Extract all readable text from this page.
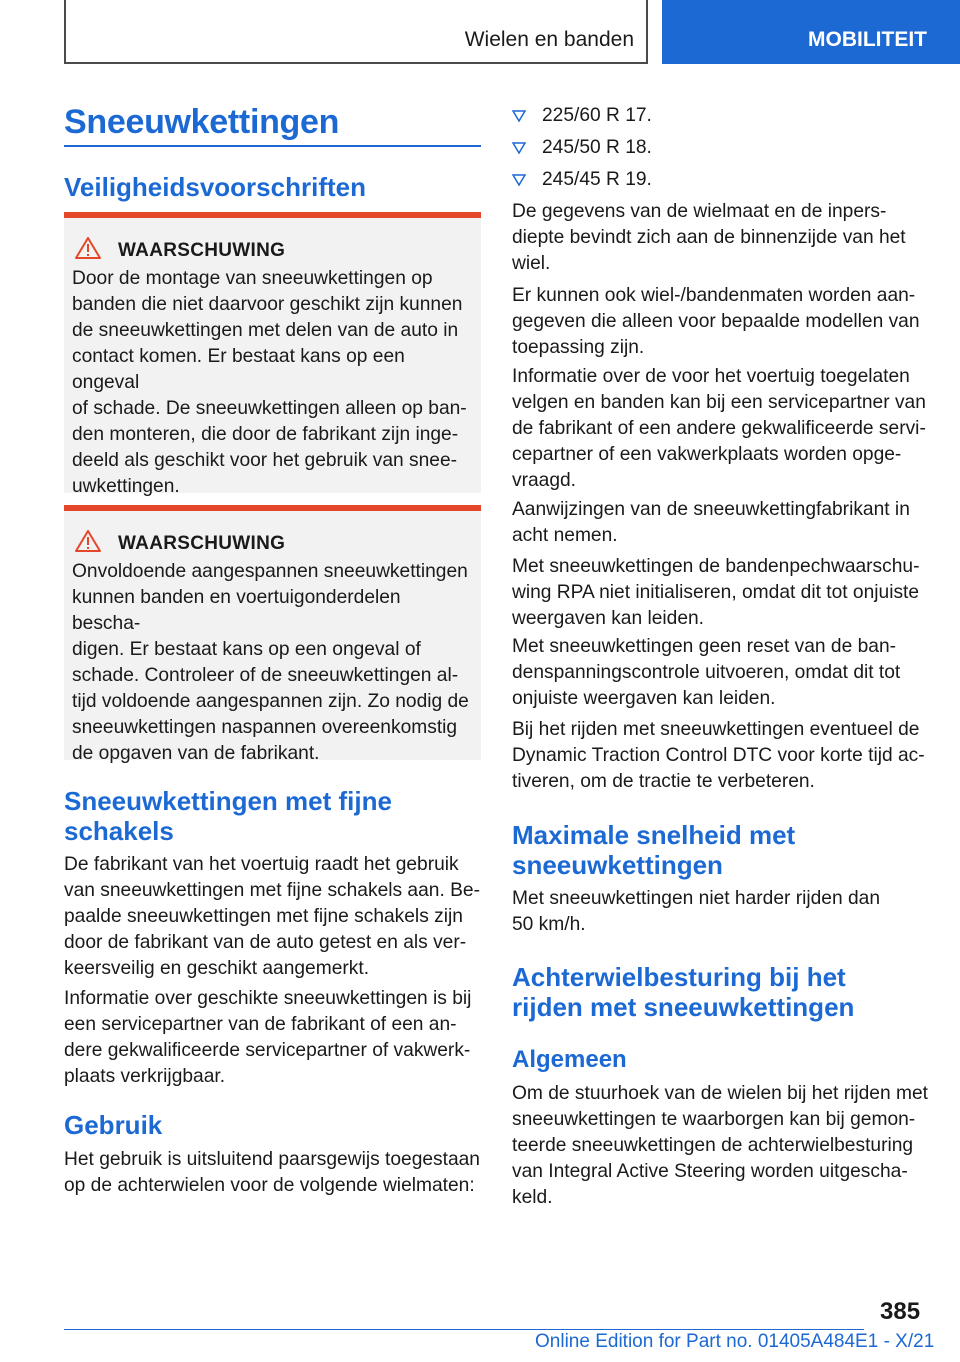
Wielen en banden	MOBILITEIT
Sneeuwkettingen
Veiligheidsvoorschriften
WAARSCHUWING

Door de montage van sneeuwkettingen op

banden die niet daarvoor geschikt zijn kunnen

de sneeuwkettingen met delen van de auto in

contact komen. Er bestaat kans op een ongeval

of schade. De sneeuwkettingen alleen op ban-

den monteren, die door de fabrikant zijn inge-

deeld als geschikt voor het gebruik van snee-

uwkettingen.

WAARSCHUWING

Onvoldoende aangespannen sneeuwkettingen

kunnen banden en voertuigonderdelen bescha-

digen. Er bestaat kans op een ongeval of

schade. Controleer of de sneeuwkettingen al-

tijd voldoende aangespannen zijn. Zo nodig de

sneeuwkettingen naspannen overeenkomstig

de opgaven van de fabrikant.

Sneeuwkettingen met fijne
schakels

De fabrikant van het voertuig raadt het gebruik

van sneeuwkettingen met fijne schakels aan. Be-

paalde sneeuwkettingen met fijne schakels zijn

door de fabrikant van de auto getest en als ver-

keersveilig en geschikt aangemerkt.

Informatie over geschikte sneeuwkettingen is bij

een servicepartner van de fabrikant of een an-

dere gekwalificeerde servicepartner of vakwerk-

plaats verkrijgbaar.

Gebruik

Het gebruik is uitsluitend paarsgewijs toegestaan

op de achterwielen voor de volgende wielmaten:

225/60 R 17.
245/50 R 18.
245/45 R 19.

De gegevens van de wielmaat en de inpers-

diepte bevindt zich aan de binnenzijde van het

wiel.

Er kunnen ook wiel-/bandenmaten worden aan-

gegeven die alleen voor bepaalde modellen van

toepassing zijn.

Informatie over de voor het voertuig toegelaten

velgen en banden kan bij een servicepartner van

de fabrikant of een andere gekwalificeerde servi-

cepartner of een vakwerkplaats worden opge-

vraagd.

Aanwijzingen van de sneeuwkettingfabrikant in

acht nemen.

Met sneeuwkettingen de bandenpechwaarschu-

wing RPA niet initialiseren, omdat dit tot onjuiste

weergaven kan leiden.

Met sneeuwkettingen geen reset van de ban-

denspanningscontrole uitvoeren, omdat dit tot

onjuiste weergaven kan leiden.

Bij het rijden met sneeuwkettingen eventueel de

Dynamic Traction Control DTC voor korte tijd ac-

tiveren, om de tractie te verbeteren.

Maximale snelheid met
sneeuwkettingen

Met sneeuwkettingen niet harder rijden dan

50 km/h.

Achterwielbesturing bij het
rijden met sneeuwkettingen
Algemeen

Om de stuurhoek van de wielen bij het rijden met

sneeuwkettingen te waarborgen kan bij gemon-

teerde sneeuwkettingen de achterwielbesturing

van Integral Active Steering worden uitgescha-

keld.

385
Online Edition for Part no. 01405A484E1 - X/21
